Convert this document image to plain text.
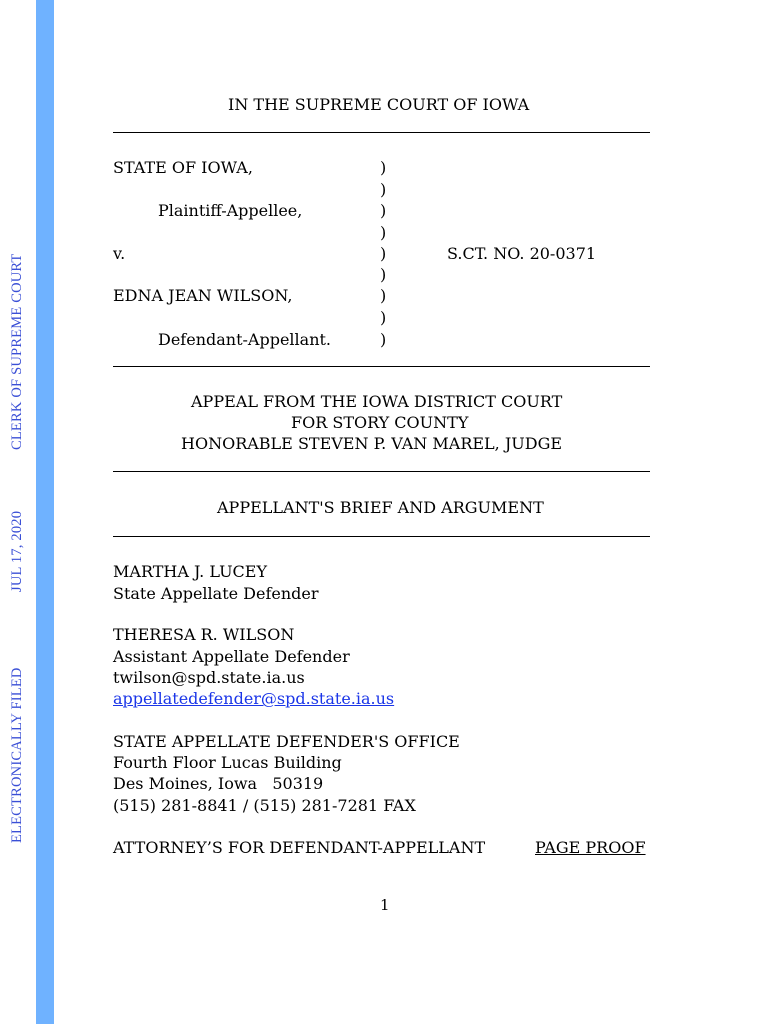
ELECTRONICALLY FILED
JUL 17, 2020
CLERK OF SUPREME COURT
IN THE SUPREME COURT OF IOWA
STATE OF IOWA,
Plaintiff-Appellee,
v.
EDNA JEAN WILSON,
Defendant-Appellant.
S.CT. NO. 20-0371
)
)
)
)
)
)
)
)
)
APPEAL FROM THE IOWA DISTRICT COURT
FOR STORY COUNTY
HONORABLE STEVEN P. VAN MAREL, JUDGE
APPELLANT'S BRIEF AND ARGUMENT
MARTHA J. LUCEY
State Appellate Defender
THERESA R. WILSON
Assistant Appellate Defender
twilson@spd.state.ia.us
appellatedefender@spd.state.ia.us
STATE APPELLATE DEFENDER'S OFFICE
Fourth Floor Lucas Building
Des Moines, Iowa   50319
(515) 281-8841 / (515) 281-7281 FAX
ATTORNEY’S FOR DEFENDANT-APPELLANT	PAGE PROOF
1
